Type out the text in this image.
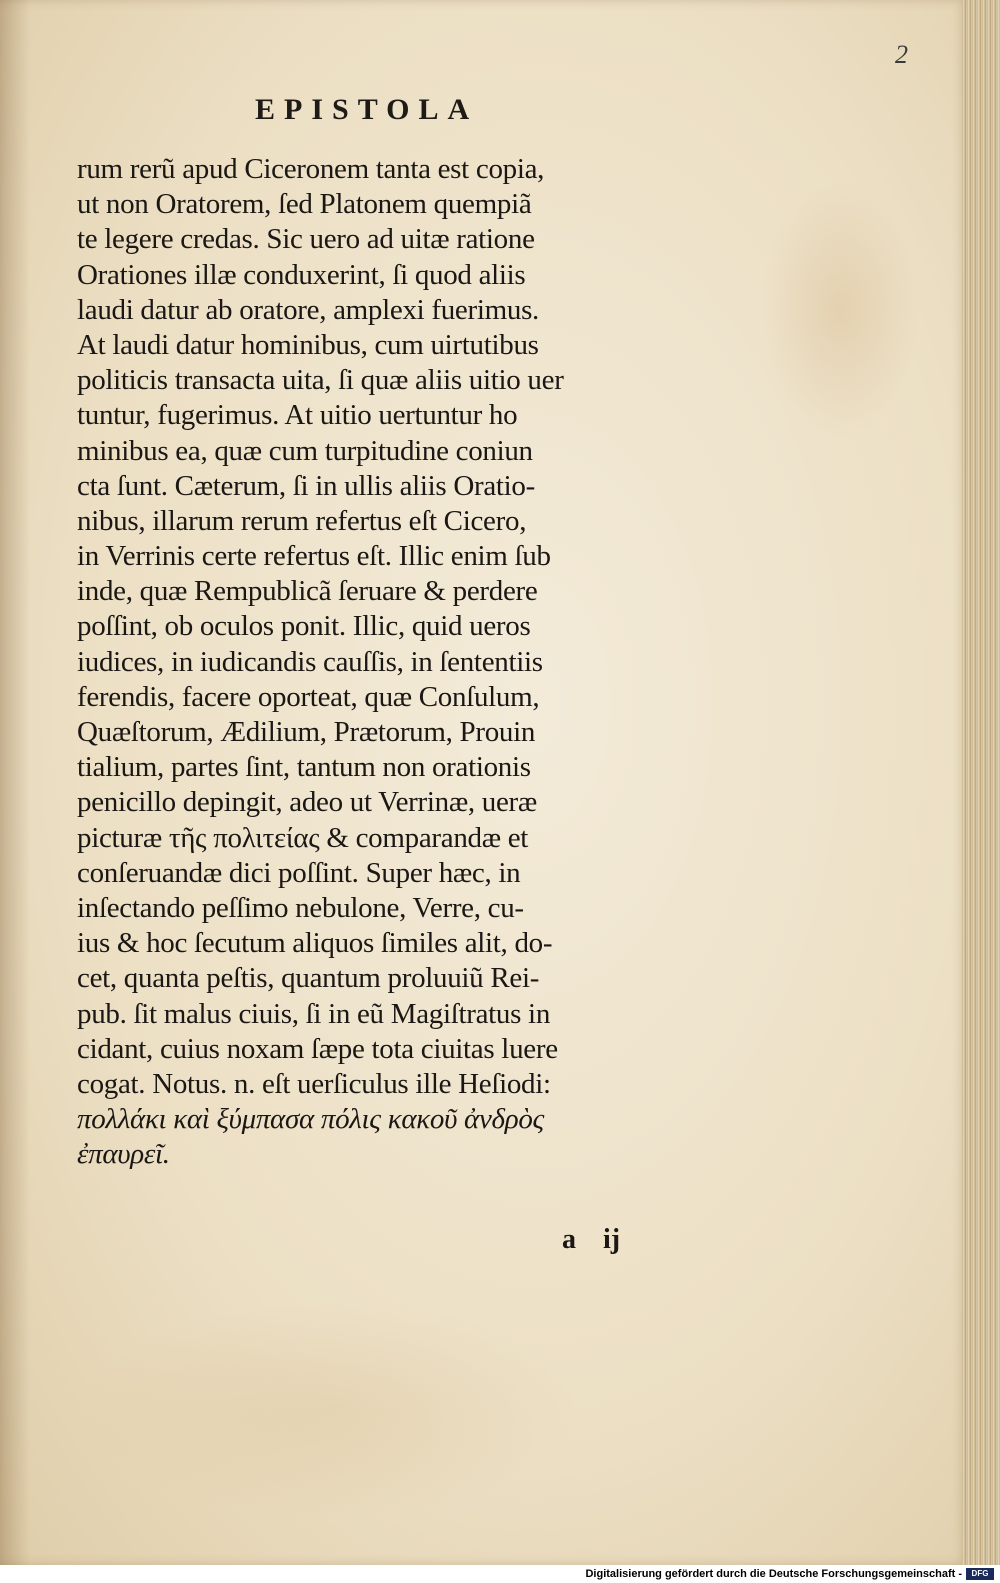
2
EPISTOLA
rum rerũ apud Ciceronem tanta est copia,
ut non Oratorem, ſed Platonem quempiã
te legere credas. Sic uero ad uitæ ratione
Orationes illæ conduxerint, ſi quod aliis
laudi datur ab oratore, amplexi fuerimus.
At laudi datur hominibus, cum uirtutibus
politicis transacta uita, ſi quæ aliis uitio uer
tuntur, fugerimus. At uitio uertuntur ho
minibus ea, quæ cum turpitudine coniun
cta ſunt. Cæterum, ſi in ullis aliis Oratio-
nibus, illarum rerum refertus eſt Cicero,
in Verrinis certe refertus eſt. Illic enim ſub
inde, quæ Rempublicã ſeruare & perdere
poſſint, ob oculos ponit. Illic, quid ueros
iudices, in iudicandis cauſſis, in ſententiis
ferendis, facere oporteat, quæ Conſulum,
Quæſtorum, Ædilium, Prætorum, Prouin
tialium, partes ſint, tantum non orationis
penicillo depingit, adeo ut Verrinæ, ueræ
picturæ τῆς πολιτείας & comparandæ et
conſeruandæ dici poſſint. Super hæc, in
inſectando peſſimo nebulone, Verre, cu-
ius & hoc ſecutum aliquos ſimiles alit, do-
cet, quanta peſtis, quantum proluuiũ Rei-
pub. ſit malus ciuis, ſi in eũ Magiſtratus in
cidant, cuius noxam ſæpe tota ciuitas luere
cogat. Notus. n. eſt uerſiculus ille Heſiodi:
πολλάκι καὶ ξύμπασα πόλις κακοῦ ἀνδρὸς
ἐπαυρεῖ.
a ij
Digitalisierung gefördert durch die Deutsche Forschungsgemeinschaft - DFG
